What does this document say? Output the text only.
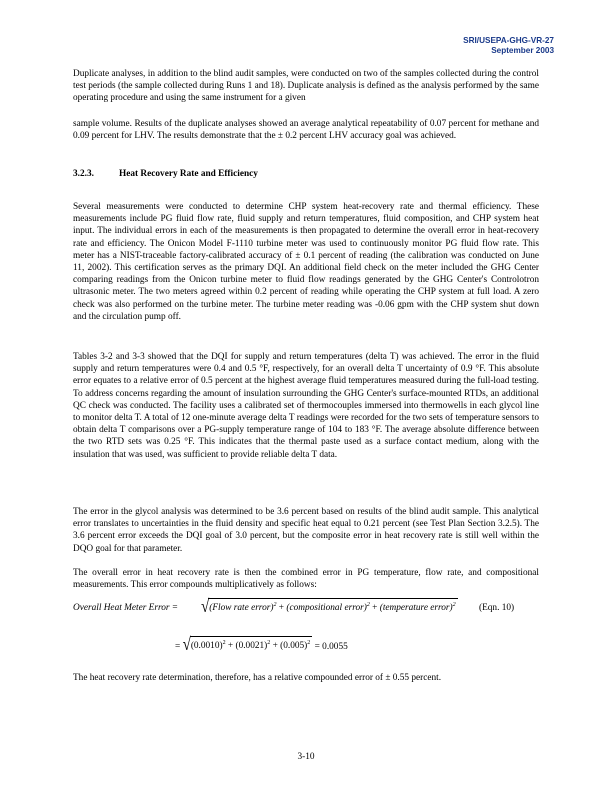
SRI/USEPA-GHG-VR-27
September 2003

Duplicate analyses, in addition to the blind audit samples, were conducted on two of the samples collected during the control test periods (the sample collected during Runs 1 and 18). Duplicate analysis is defined as the analysis performed by the same operating procedure and using the same instrument for a given

sample volume. Results of the duplicate analyses showed an average analytical repeatability of 0.07 percent for methane and 0.09 percent for LHV. The results demonstrate that the ± 0.2 percent LHV accuracy goal was achieved.

3.2.3.	Heat Recovery Rate and Efficiency

Several measurements were conducted to determine CHP system heat-recovery rate and thermal efficiency. These measurements include PG fluid flow rate, fluid supply and return temperatures, fluid composition, and CHP system heat input. The individual errors in each of the measurements is then propagated to determine the overall error in heat-recovery rate and efficiency. The Onicon Model F-1110 turbine meter was used to continuously monitor PG fluid flow rate. This meter has a NIST-traceable factory-calibrated accuracy of ± 0.1 percent of reading (the calibration was conducted on June 11, 2002). This certification serves as the primary DQI. An additional field check on the meter included the GHG Center comparing readings from the Onicon turbine meter to fluid flow readings generated by the GHG Center's Controlotron ultrasonic meter. The two meters agreed within 0.2 percent of reading while operating the CHP system at full load. A zero check was also performed on the turbine meter. The turbine meter reading was -0.06 gpm with the CHP system shut down and the circulation pump off.

Tables 3-2 and 3-3 showed that the DQI for supply and return temperatures (delta T) was achieved. The error in the fluid supply and return temperatures were 0.4 and 0.5 °F, respectively, for an overall delta T uncertainty of 0.9 °F. This absolute error equates to a relative error of 0.5 percent at the highest average fluid temperatures measured during the full-load testing. To address concerns regarding the amount of insulation surrounding the GHG Center's surface-mounted RTDs, an additional QC check was conducted. The facility uses a calibrated set of thermocouples immersed into thermowells in each glycol line to monitor delta T. A total of 12 one-minute average delta T readings were recorded for the two sets of temperature sensors to obtain delta T comparisons over a PG-supply temperature range of 104 to 183 °F. The average absolute difference between the two RTD sets was 0.25 °F. This indicates that the thermal paste used as a surface contact medium, along with the insulation that was used, was sufficient to provide reliable delta T data.

The error in the glycol analysis was determined to be 3.6 percent based on results of the blind audit sample. This analytical error translates to uncertainties in the fluid density and specific heat equal to 0.21 percent (see Test Plan Section 3.2.5). The 3.6 percent error exceeds the DQI goal of 3.0 percent, but the composite error in heat recovery rate is still well within the DQO goal for that parameter.

The overall error in heat recovery rate is then the combined error in PG temperature, flow rate, and compositional measurements. This error compounds multiplicatively as follows:

Overall Heat Meter Error = √ (Flow rate error)$^2$ + (compositional error)$^2$ + (temperature error)$^2$	(Eqn. 10)
= √ $(0.0010)^2 + (0.0021)^2 + (0.005)^2 = 0.0055$

The heat recovery rate determination, therefore, has a relative compounded error of ± 0.55 percent.

3-10
